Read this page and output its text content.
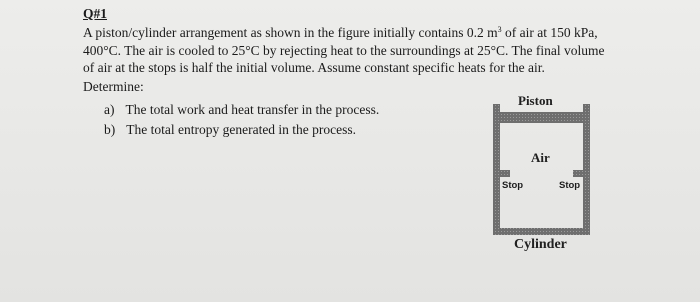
Q#1
A piston/cylinder arrangement as shown in the figure initially contains 0.2 $m^3$ of air at 150 kPa,
400°C. The air is cooled to 25°C by rejecting heat to the surroundings at 25°C. The final volume
of air at the stops is half the initial volume. Assume constant specific heats for the air.
Determine:
a) The total work and heat transfer in the process.
b) The total entropy generated in the process.
Piston
Air
Stop	Stop
Cylinder
